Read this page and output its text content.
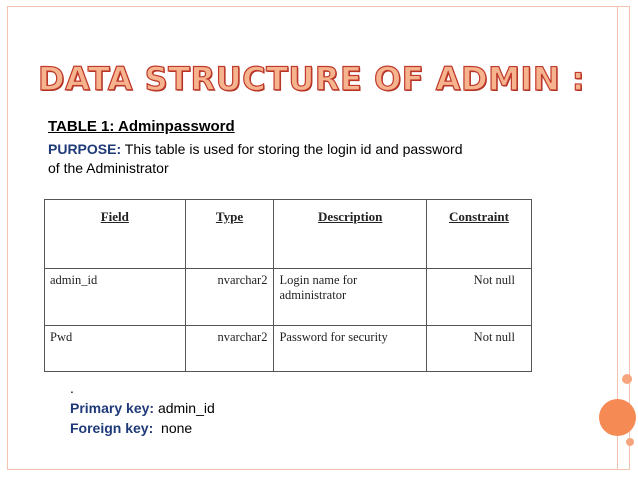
DATA STRUCTURE OF ADMIN :
TABLE 1: Adminpassword
PURPOSE: This table is used for storing the login id and password of the Administrator
Field	Type	Description	Constraint
admin_id	nvarchar2	Login name for administrator	Not null
Pwd	nvarchar2	Password for security	Not null
.
Primary key: admin_id
Foreign key:  none
